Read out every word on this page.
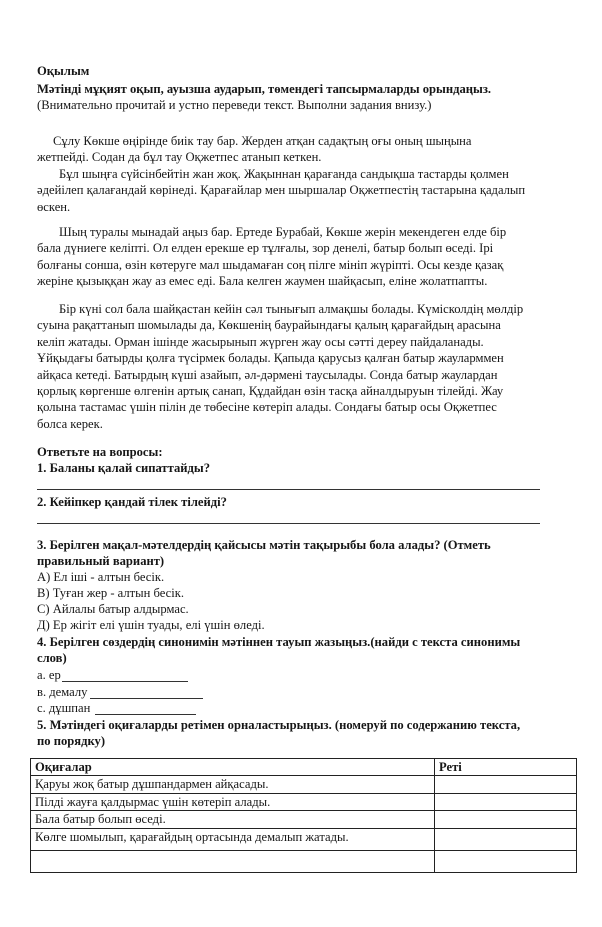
Оқылым
Мәтінді мұқият оқып, ауызша аударып, төмендегі тапсырмаларды орындаңыз.
(Внимательно прочитай и устно переведи текст. Выполни задания внизу.)

Сұлу Көкше өңірінде биік тау бар. Жерден атқан садақтың оғы оның шыңына

жетпейді. Содан да бұл тау Оқжетпес атанып кеткен.

Бұл шыңға сүйсінбейтін жан жоқ. Жақыннан қарағанда сандықша тастарды қолмен

әдейілеп қалағандай көрінеді. Қарағайлар мен шыршалар Оқжетпестің тастарына қадалып

өскен.

Шың туралы мынадай аңыз бар. Ертеде Бурабай, Көкше жерін мекендеген елде бір

бала дүниеге келіпті. Ол елден ерекше ер тұлғалы, зор денелі, батыр болып өседі. Ірі

болғаны сонша, өзін көтеруге мал шыдамаған соң пілге мініп жүріпті. Осы кезде қазақ

жеріне қызыққан жау аз емес еді. Бала келген жаумен шайқасып, еліне жолатпапты.

Бір күні сол бала шайқастан кейін сәл тынығып алмақшы болады. Күмісколдің мөлдір

суына рақаттанып шомылады да, Көкшенің баурайындағы қалың қарағайдың арасына

келіп жатады. Орман ішінде жасырынып жүрген жау осы сәтті дереу пайдаланады.

Ұйқыдағы батырды қолға түсірмек болады. Қапыда қарусыз қалған батыр жауларммен

айқаса кетеді. Батырдың күші азайып, әл-дәрмені таусылады. Сонда батыр жаулардан

қорлық көргенше өлгенін артық санап, Құдайдан өзін тасқа айналдыруын тілейді. Жау

қолына тастамас үшін пілін де төбесіне көтеріп алады. Сондағы батыр осы Оқжетпес

болса керек.

Ответьте на вопросы:
1. Баланы қалай сипаттайды?
2. Кейіпкер қандай тілек тілейді?
3. Берілген мақал-мәтелдердің қайсысы мәтін тақырыбы бола алады? (Отметь
правильный вариант)
А) Ел іші - алтын бесік.
В) Туған жер - алтын бесік.
С) Айлалы батыр алдырмас.
Д) Ер жігіт елі үшін туады, елі үшін өледі.
4. Берілген сөздердің синонимін мәтіннен тауып жазыңыз.(найди с текста синонимы
слов)
а. ер
в. демалу
с. дұшпан
5. Мәтіндегі оқиғаларды ретімен орналастырыңыз. (номеруй по содержанию текста,
по порядку)
Оқиғалар	Реті
Қаруы жоқ батыр дұшпандармен айқасады.	
Пілді жауға қалдырмас үшін көтеріп алады.	
Бала батыр болып өседі.	
Көлге шомылып, қарағайдың ортасында демалып жатады.	
